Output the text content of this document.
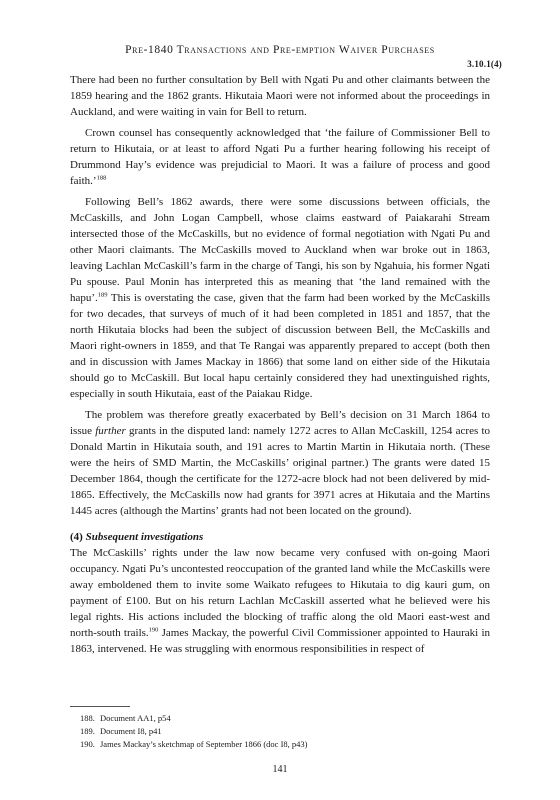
Pre-1840 Transactions and Pre-emption Waiver Purchases
3.10.1(4)

There had been no further consultation by Bell with Ngati Pu and other claimants between the 1859 hearing and the 1862 grants. Hikutaia Maori were not informed about the proceedings in Auckland, and were waiting in vain for Bell to return.

Crown counsel has consequently acknowledged that ‘the failure of Commissioner Bell to return to Hikutaia, or at least to afford Ngati Pu a further hearing following his receipt of Drummond Hay’s evidence was prejudicial to Maori. It was a failure of process and good faith.’$^{188}$

Following Bell’s 1862 awards, there were some discussions between officials, the McCaskills, and John Logan Campbell, whose claims eastward of Paiakarahi Stream intersected those of the McCaskills, but no evidence of formal negotiation with Ngati Pu and other Maori claimants. The McCaskills moved to Auckland when war broke out in 1863, leaving Lachlan McCaskill’s farm in the charge of Tangi, his son by Ngahuia, his former Ngati Pu spouse. Paul Monin has interpreted this as meaning that ‘the land remained with the hapu’.$^{189}$ This is overstating the case, given that the farm had been worked by the McCaskills for two decades, that surveys of much of it had been completed in 1851 and 1857, that the north Hikutaia blocks had been the subject of discussion between Bell, the McCaskills and Maori right-owners in 1859, and that Te Rangai was apparently prepared to accept (both then and in discussion with James Mackay in 1866) that some land on either side of the Hikutaia should go to McCaskill. But local hapu certainly considered they had unextinguished rights, especially in south Hikutaia, east of the Paiakau Ridge.

The problem was therefore greatly exacerbated by Bell’s decision on 31 March 1864 to issue further grants in the disputed land: namely 1272 acres to Allan McCaskill, 1254 acres to Donald Martin in Hikutaia south, and 191 acres to Martin Martin in Hikutaia north. (These were the heirs of SMD Martin, the McCaskills’ original partner.) The grants were dated 15 December 1864, though the certificate for the 1272-acre block had not been delivered by mid-1865. Effectively, the McCaskills now had grants for 3971 acres at Hikutaia and the Martins 1445 acres (although the Martins’ grants had not been located on the ground).

(4) Subsequent investigations

The McCaskills’ rights under the law now became very confused with on-going Maori occupancy. Ngati Pu’s uncontested reoccupation of the granted land while the McCaskills were away emboldened them to invite some Waikato refugees to Hikutaia to dig kauri gum, on payment of £100. But on his return Lachlan McCaskill asserted what he believed were his legal rights. His actions included the blocking of traffic along the old Maori east-west and north-south trails.$^{190}$ James Mackay, the powerful Civil Commissioner appointed to Hauraki in 1863, intervened. He was struggling with enormous responsibilities in respect of

188. Document AA1, p54
189. Document I8, p41
190. James Mackay’s sketchmap of September 1866 (doc I8, p43)
141
